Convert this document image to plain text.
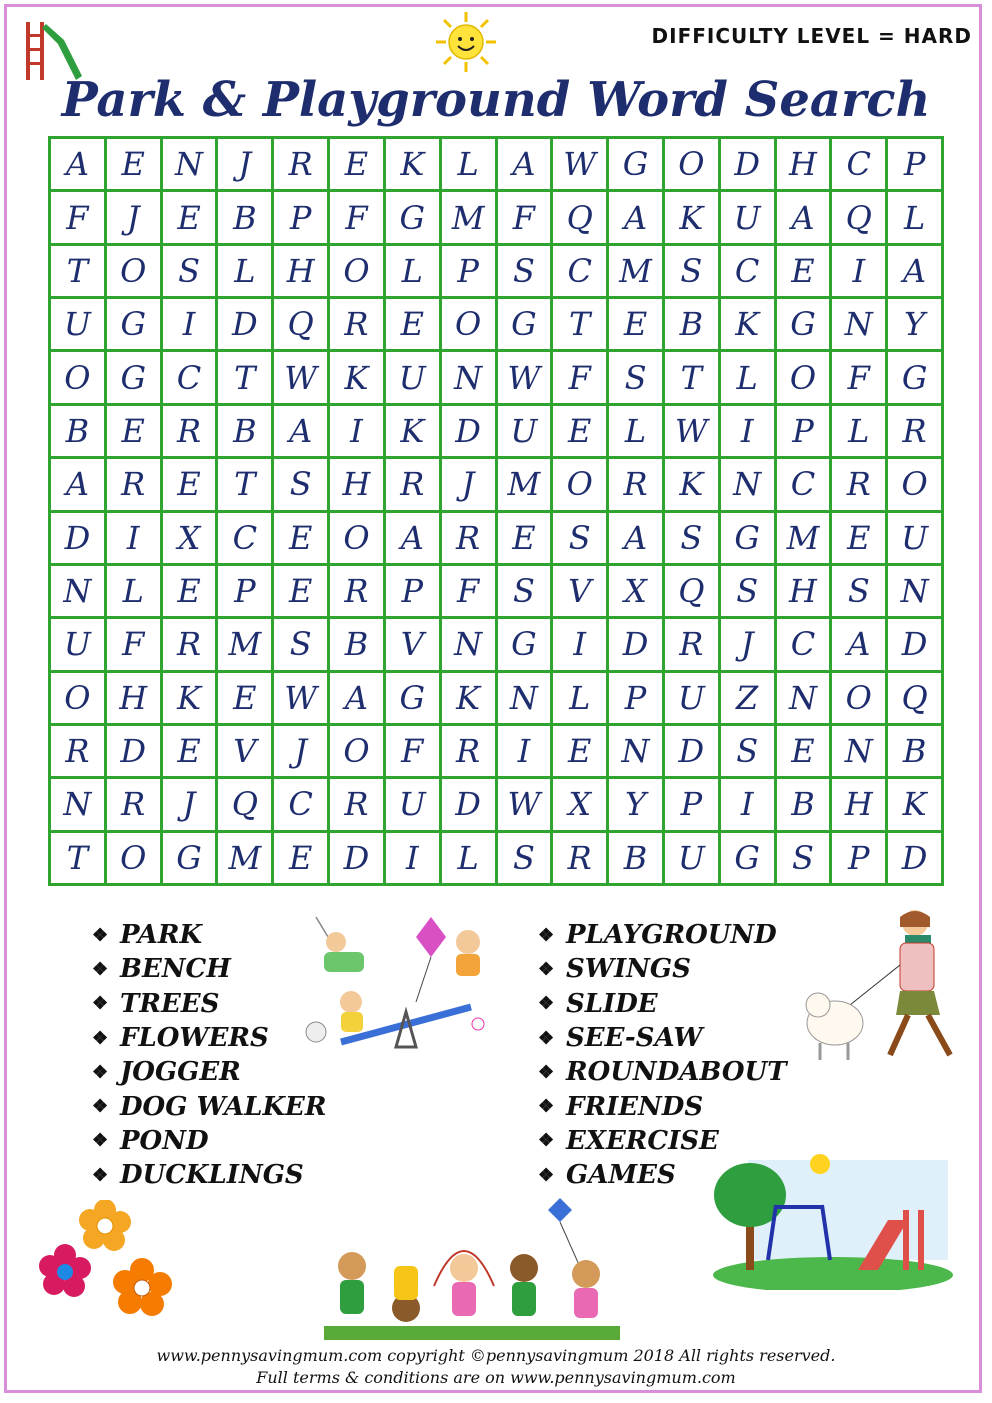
DIFFICULTY LEVEL = HARD
Park & Playground Word Search
A	E N	J	R	E	K	L	A W G O D H C	P
F	J	E	B	P	F G M F Q A	K U A Q	L
T	O S	L H O	L	P	S	C M S	C E	I	A
U G	I	D Q R	E O G	T	E	B	K G N Y
O G C	T W K U N W F	S	T	L	O F G
B	E	R	B	A	I	K D U E	L W	I	P	L	R
A	R	E	T	S H R	J	M O R K N C R O
D	I	X	C E O A	R	E	S	A	S	G M E U
N L	E	P	E	R	P	F	S	V	X Q S H S N
U F	R M S	B	V N G	I	D R	J	C	A D
O H K	E W A G K N L	P U Z N O Q
R D E	V	J	O F	R	I	E N D	S	E N B
N R	J	Q C R U D W X	Y	P	I	B H K
T	O G M E D	I	L	S	R	B U G	S	P	D
❖ PARK
❖ BENCH
❖ TREES
❖ FLOWERS
❖ JOGGER
❖ DOG WALKER
❖ POND
❖ DUCKLINGS
❖ PLAYGROUND
❖ SWINGS
❖ SLIDE
❖ SEE-SAW
❖ ROUNDABOUT
❖ FRIENDS
❖ EXERCISE
❖ GAMES
www.pennysavingmum.com copyright ©pennysavingmum 2018 All rights reserved.
Full terms & conditions are on www.pennysavingmum.com
